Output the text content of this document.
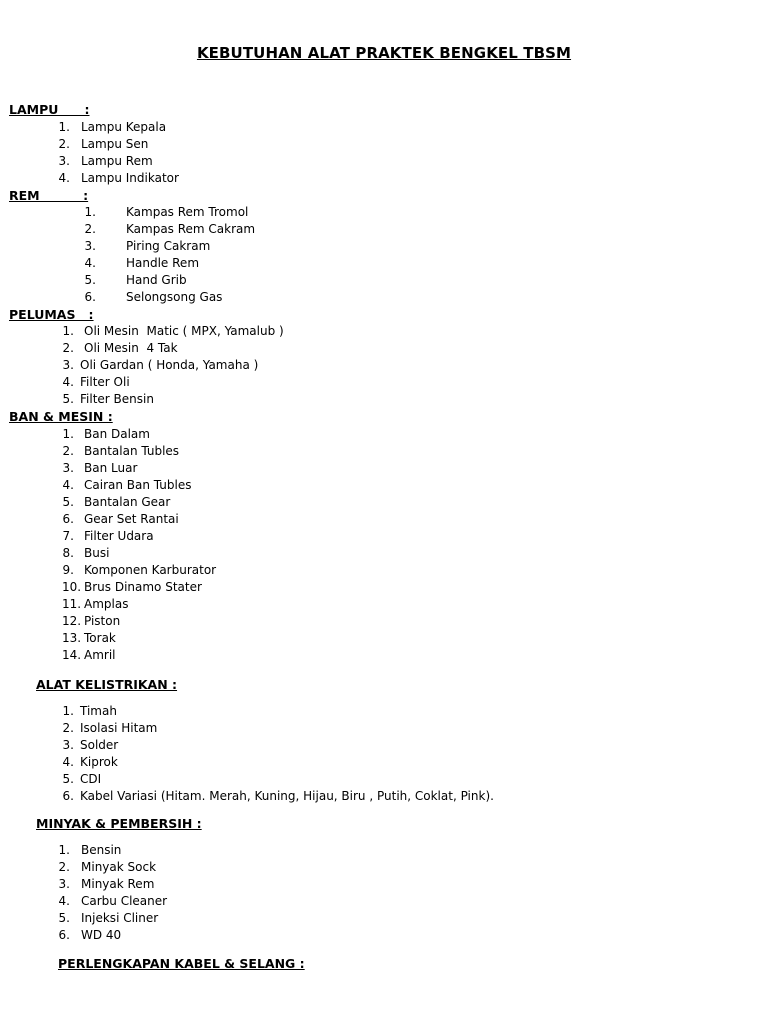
KEBUTUHAN ALAT PRAKTEK BENGKEL TBSM
LAMPU      :
1. Lampu Kepala
2. Lampu Sen
3. Lampu Rem
4. Lampu Indikator
REM          :
1.	Kampas Rem Tromol
2.	Kampas Rem Cakram
3.	Piring Cakram
4.	Handle Rem
5.	Hand Grib
6.	Selongsong Gas
PELUMAS   :
1. Oli Mesin  Matic ( MPX, Yamalub )
2. Oli Mesin  4 Tak
3. Oli Gardan ( Honda, Yamaha )
4. Filter Oli
5. Filter Bensin
BAN & MESIN :
1. Ban Dalam
2. Bantalan Tubles
3. Ban Luar
4. Cairan Ban Tubles
5. Bantalan Gear
6. Gear Set Rantai
7. Filter Udara
8. Busi
9. Komponen Karburator
10. Brus Dinamo Stater
11. Amplas
12. Piston
13. Torak
14. Amril
ALAT KELISTRIKAN :
1. Timah
2. Isolasi Hitam
3. Solder
4. Kiprok
5. CDI
6. Kabel Variasi (Hitam. Merah, Kuning, Hijau, Biru , Putih, Coklat, Pink).
MINYAK & PEMBERSIH :
1. Bensin
2. Minyak Sock
3. Minyak Rem
4. Carbu Cleaner
5. Injeksi Cliner
6. WD 40
PERLENGKAPAN KABEL & SELANG :
